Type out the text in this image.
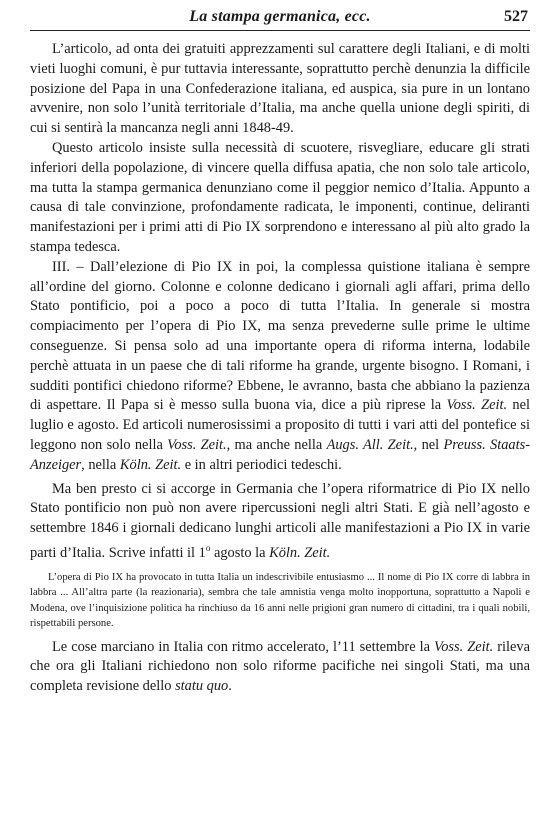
La stampa germanica, ecc.	527

L’articolo, ad onta dei gratuiti apprezzamenti sul carattere degli Italiani, e di molti vieti luoghi comuni, è pur tuttavia interessante, soprattutto perchè denunzia la difficile posizione del Papa in una Confederazione italiana, ed auspica, sia pure in un lontano avvenire, non solo l’unità territoriale d’Italia, ma anche quella unione degli spiriti, di cui si sentirà la mancanza negli anni 1848-49.

Questo articolo insiste sulla necessità di scuotere, risvegliare, educare gli strati inferiori della popolazione, di vincere quella diffusa apatia, che non solo tale articolo, ma tutta la stampa germanica denunziano come il peggior nemico d’Italia. Appunto a causa di tale convinzione, profondamente radicata, le imponenti, continue, deliranti manifestazioni per i primi atti di Pio IX sorprendono e interessano al più alto grado la stampa tedesca.

III. – Dall’elezione di Pio IX in poi, la complessa quistione italiana è sempre all’ordine del giorno. Colonne e colonne dedicano i giornali agli affari, prima dello Stato pontificio, poi a poco a poco di tutta l’Italia. In generale si mostra compiacimento per l’opera di Pio IX, ma senza prevederne sulle prime le ultime conseguenze. Si pensa solo ad una importante opera di riforma interna, lodabile perchè attuata in un paese che di tali riforme ha grande, urgente bisogno. I Romani, i sudditi pontifici chiedono riforme? Ebbene, le avranno, basta che abbiano la pazienza di aspettare. Il Papa si è messo sulla buona via, dice a più riprese la Voss. Zeit. nel luglio e agosto. Ed articoli numerosissimi a proposito di tutti i vari atti del pontefice si leggono non solo nella Voss. Zeit., ma anche nella Augs. All. Zeit., nel Preuss. Staats-Anzeiger, nella Köln. Zeit. e in altri periodici tedeschi.

Ma ben presto ci si accorge in Germania che l’opera riformatrice di Pio IX nello Stato pontificio non può non avere ripercussioni negli altri Stati. E già nell’agosto e settembre 1846 i giornali dedicano lunghi articoli alle manifestazioni a Pio IX in varie parti d’Italia. Scrive infatti il 1$^o$ agosto la Köln. Zeit.

L’opera di Pio IX ha provocato in tutta Italia un indescrivibile entusiasmo ... Il nome di Pio IX corre di labbra in labbra ... All’altra parte (la reazionaria), sembra che tale amnistia venga molto inopportuna, soprattutto a Napoli e Modena, ove l’inquisizione politica ha rinchiuso da 16 anni nelle prigioni gran numero di cittadini, tra i quali nobili, rispettabili persone.

Le cose marciano in Italia con ritmo accelerato, l’11 settembre la Voss. Zeit. rileva che ora gli Italiani richiedono non solo riforme pacifiche nei singoli Stati, ma una completa revisione dello statu quo.
